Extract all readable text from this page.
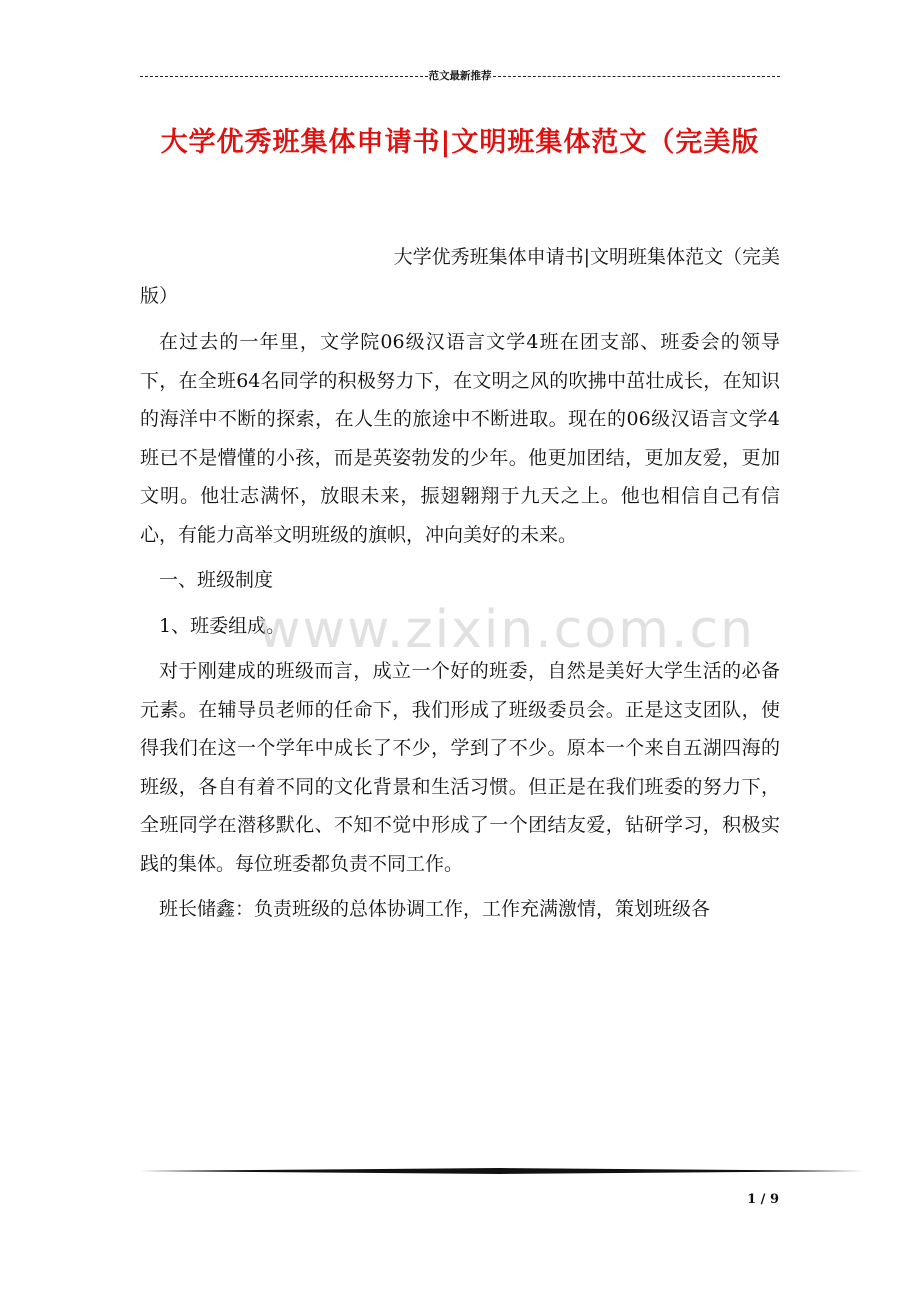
范文最新推荐
大学优秀班集体申请书|文明班集体范文（完美版
大学优秀班集体申请书|文明班集体范文（完美
版）

在过去的一年里，文学院06级汉语言文学4班在团支部、班委会的领导下，在全班64名同学的积极努力下，在文明之风的吹拂中茁壮成长，在知识的海洋中不断的探索，在人生的旅途中不断进取。现在的06级汉语言文学4班已不是懵懂的小孩，而是英姿勃发的少年。他更加团结，更加友爱，更加文明。他壮志满怀，放眼未来，振翅翱翔于九天之上。他也相信自己有信心，有能力高举文明班级的旗帜，冲向美好的未来。

一、班级制度

1、班委组成。

对于刚建成的班级而言，成立一个好的班委，自然是美好大学生活的必备元素。在辅导员老师的任命下，我们形成了班级委员会。正是这支团队，使得我们在这一个学年中成长了不少，学到了不少。原本一个来自五湖四海的班级，各自有着不同的文化背景和生活习惯。但正是在我们班委的努力下，全班同学在潜移默化、不知不觉中形成了一个团结友爱，钻研学习，积极实践的集体。每位班委都负责不同工作。

班长储鑫：负责班级的总体协调工作，工作充满激情，策划班级各

www.zixin.com.cn
1 / 9
